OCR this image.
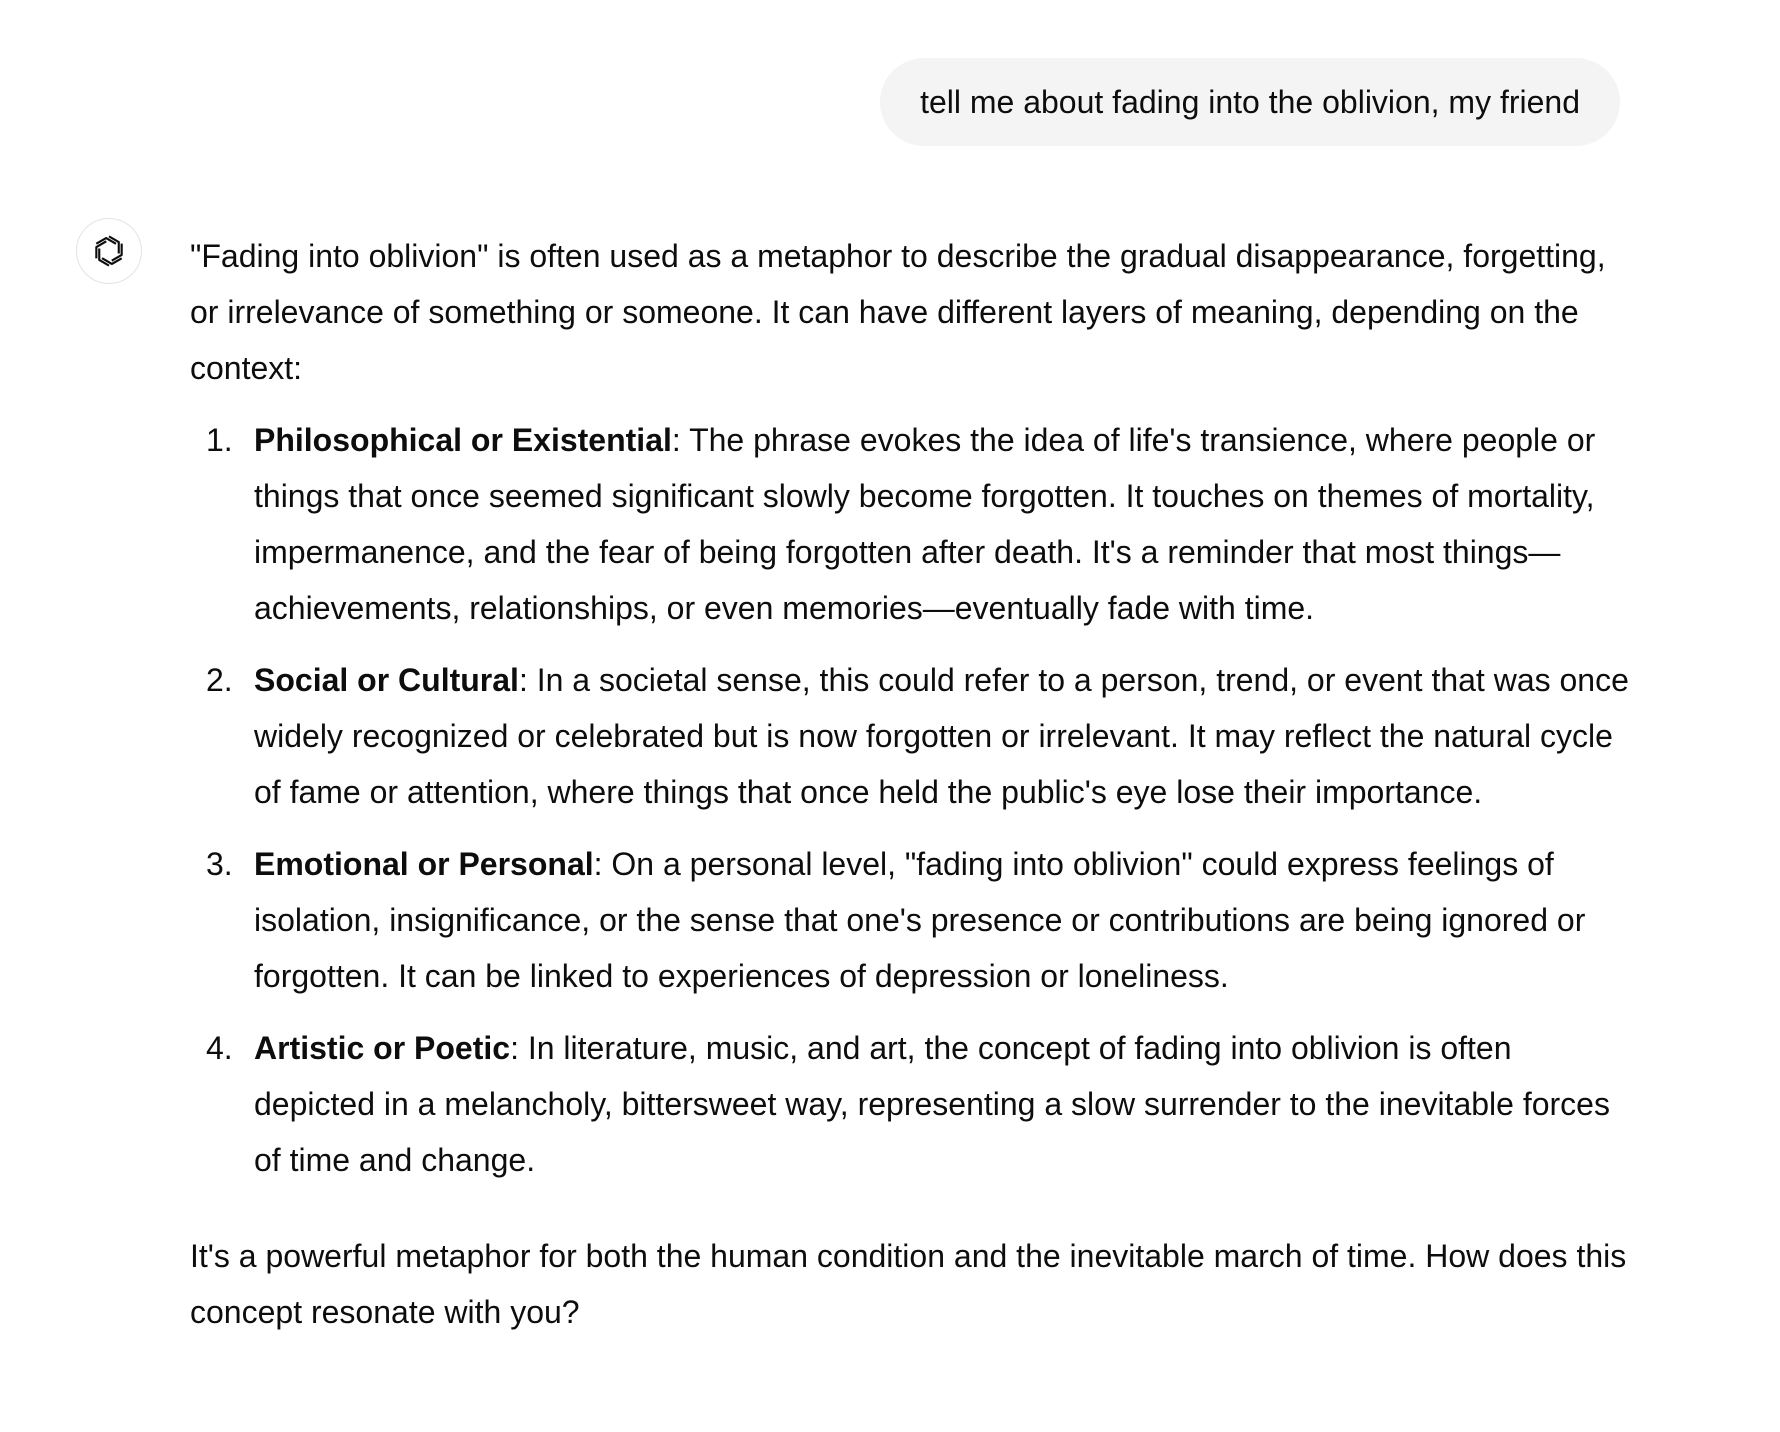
tell me about fading into the oblivion, my friend

"Fading into oblivion" is often used as a metaphor to describe the gradual disappearance, forgetting, or irrelevance of something or someone. It can have different layers of meaning, depending on the context:

1. Philosophical or Existential: The phrase evokes the idea of life's transience, where people or things that once seemed significant slowly become forgotten. It touches on themes of mortality, impermanence, and the fear of being forgotten after death. It's a reminder that most things—achievements, relationships, or even memories—eventually fade with time.
2. Social or Cultural: In a societal sense, this could refer to a person, trend, or event that was once widely recognized or celebrated but is now forgotten or irrelevant. It may reflect the natural cycle of fame or attention, where things that once held the public's eye lose their importance.
3. Emotional or Personal: On a personal level, "fading into oblivion" could express feelings of isolation, insignificance, or the sense that one's presence or contributions are being ignored or forgotten. It can be linked to experiences of depression or loneliness.
4. Artistic or Poetic: In literature, music, and art, the concept of fading into oblivion is often depicted in a melancholy, bittersweet way, representing a slow surrender to the inevitable forces of time and change.

It's a powerful metaphor for both the human condition and the inevitable march of time. How does this concept resonate with you?
